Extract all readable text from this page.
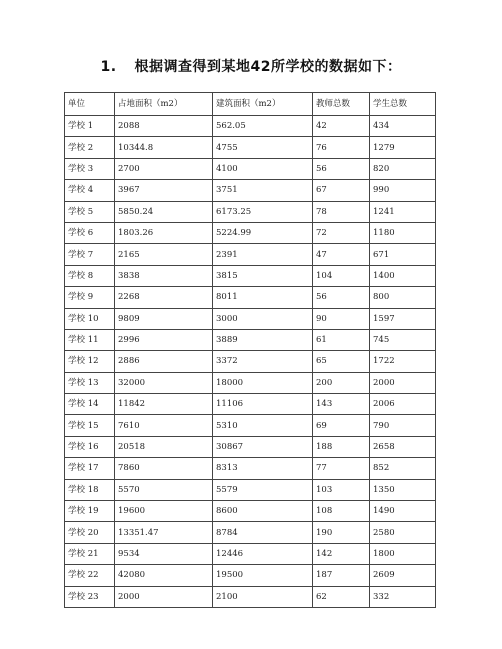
1. 根据调查得到某地42所学校的数据如下：
单位	占地面积（m2）	建筑面积（m2）	教师总数	学生总数
学校 1	2088	562.05	42	434
学校 2	10344.8	4755	76	1279
学校 3	2700	4100	56	820
学校 4	3967	3751	67	990
学校 5	5850.24	6173.25	78	1241
学校 6	1803.26	5224.99	72	1180
学校 7	2165	2391	47	671
学校 8	3838	3815	104	1400
学校 9	2268	8011	56	800
学校 10	9809	3000	90	1597
学校 11	2996	3889	61	745
学校 12	2886	3372	65	1722
学校 13	32000	18000	200	2000
学校 14	11842	11106	143	2006
学校 15	7610	5310	69	790
学校 16	20518	30867	188	2658
学校 17	7860	8313	77	852
学校 18	5570	5579	103	1350
学校 19	19600	8600	108	1490
学校 20	13351.47	8784	190	2580
学校 21	9534	12446	142	1800
学校 22	42080	19500	187	2609
学校 23	2000	2100	62	332
